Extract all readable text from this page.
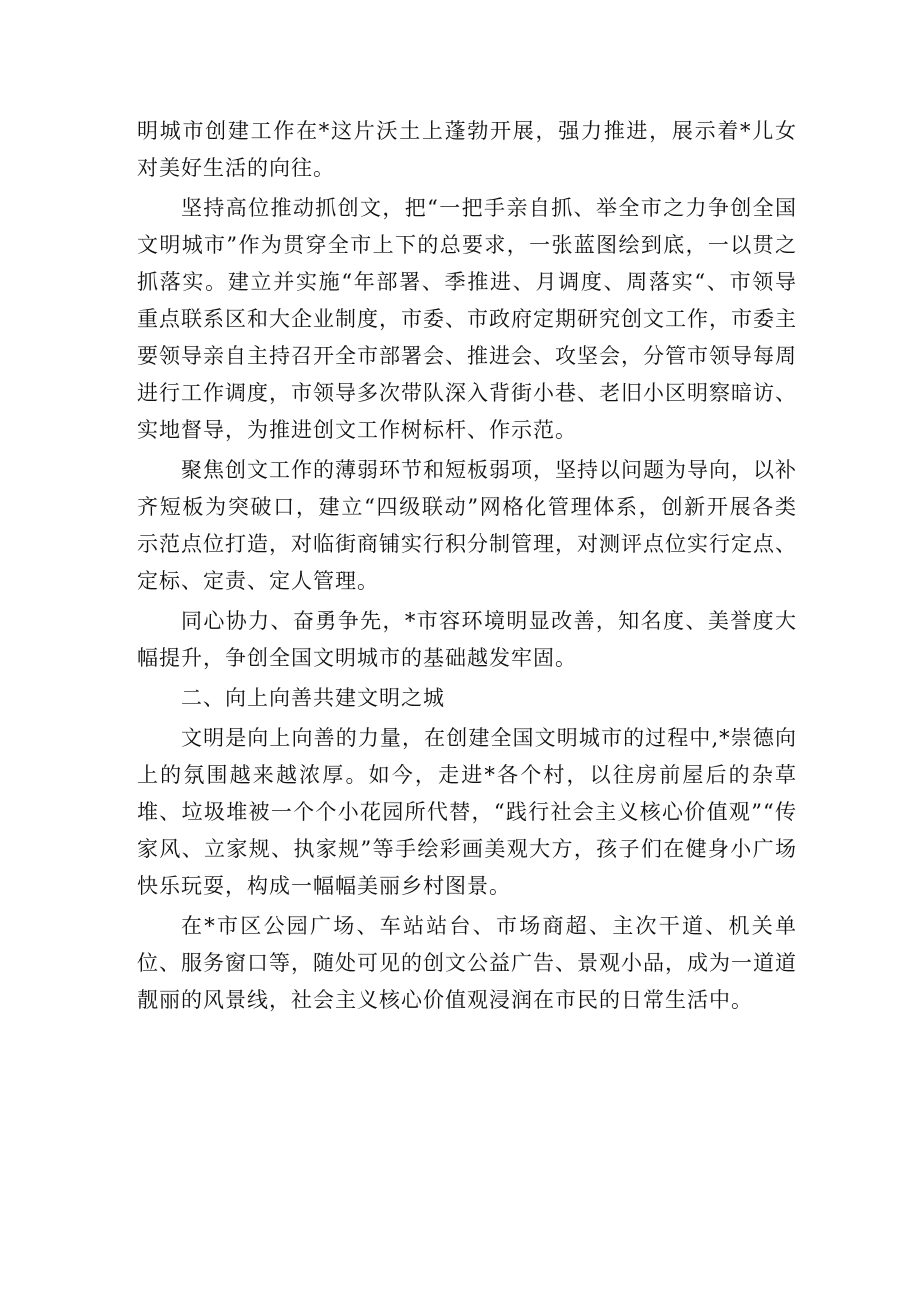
明城市创建工作在*这片沃土上蓬勃开展，强力推进，展示着*儿女对美好生活的向往。

坚持高位推动抓创文，把“一把手亲自抓、举全市之力争创全国文明城市”作为贯穿全市上下的总要求，一张蓝图绘到底，一以贯之抓落实。建立并实施“年部署、季推进、月调度、周落实“、市领导重点联系区和大企业制度，市委、市政府定期研究创文工作，市委主要领导亲自主持召开全市部署会、推进会、攻坚会，分管市领导每周进行工作调度，市领导多次带队深入背街小巷、老旧小区明察暗访、实地督导，为推进创文工作树标杆、作示范。

聚焦创文工作的薄弱环节和短板弱项，坚持以问题为导向，以补齐短板为突破口，建立“四级联动”网格化管理体系，创新开展各类示范点位打造，对临街商铺实行积分制管理，对测评点位实行定点、定标、定责、定人管理。

同心协力、奋勇争先，*市容环境明显改善，知名度、美誉度大幅提升，争创全国文明城市的基础越发牢固。

二、向上向善共建文明之城

文明是向上向善的力量，在创建全国文明城市的过程中,*崇德向上的氛围越来越浓厚。如今，走进*各个村，以往房前屋后的杂草堆、垃圾堆被一个个小花园所代替，“践行社会主义核心价值观”“传家风、立家规、执家规”等手绘彩画美观大方，孩子们在健身小广场快乐玩耍，构成一幅幅美丽乡村图景。

在*市区公园广场、车站站台、市场商超、主次干道、机关单位、服务窗口等，随处可见的创文公益广告、景观小品，成为一道道靓丽的风景线，社会主义核心价值观浸润在市民的日常生活中。
